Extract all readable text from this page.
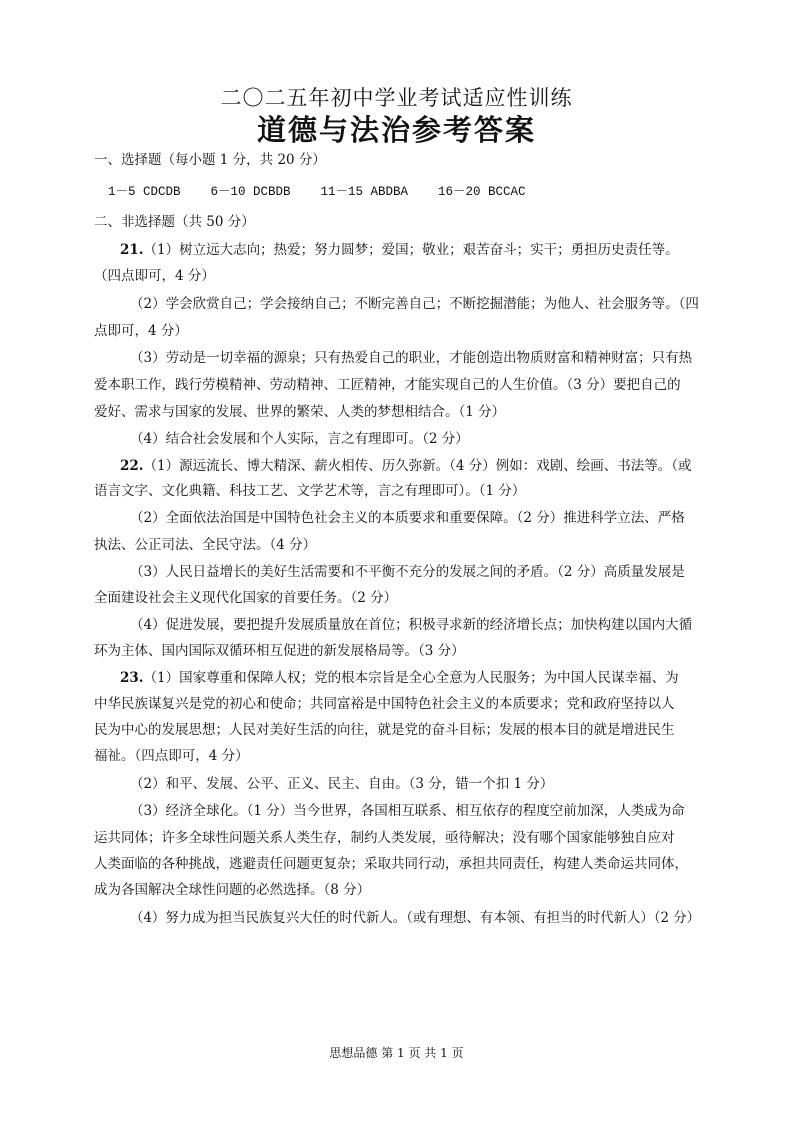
二〇二五年初中学业考试适应性训练
道德与法治参考答案
一、选择题（每小题 1 分，共 20 分）
1－5 CDCDB    6－10 DCBDB    11－15 ABDBA    16－20 BCCAC
二、非选择题（共 50 分）
21.（1）树立远大志向；热爱；努力圆梦；爱国；敬业；艰苦奋斗；实干；勇担历史责任等。
（四点即可，4 分）
（2）学会欣赏自己；学会接纳自己；不断完善自己；不断挖掘潜能；为他人、社会服务等。（四
点即可，4 分）
（3）劳动是一切幸福的源泉；只有热爱自己的职业，才能创造出物质财富和精神财富；只有热
爱本职工作，践行劳模精神、劳动精神、工匠精神，才能实现自己的人生价值。（3 分）要把自己的
爱好、需求与国家的发展、世界的繁荣、人类的梦想相结合。（1 分）
（4）结合社会发展和个人实际，言之有理即可。（2 分）
22.（1）源远流长、博大精深、薪火相传、历久弥新。（4 分）例如：戏剧、绘画、书法等。（或
语言文字、文化典籍、科技工艺、文学艺术等，言之有理即可）。（1 分）
（2）全面依法治国是中国特色社会主义的本质要求和重要保障。（2 分）推进科学立法、严格
执法、公正司法、全民守法。（4 分）
（3）人民日益增长的美好生活需要和不平衡不充分的发展之间的矛盾。（2 分）高质量发展是
全面建设社会主义现代化国家的首要任务。（2 分）
（4）促进发展，要把提升发展质量放在首位；积极寻求新的经济增长点；加快构建以国内大循
环为主体、国内国际双循环相互促进的新发展格局等。（3 分）
23.（1）国家尊重和保障人权；党的根本宗旨是全心全意为人民服务；为中国人民谋幸福、为
中华民族谋复兴是党的初心和使命；共同富裕是中国特色社会主义的本质要求；党和政府坚持以人
民为中心的发展思想；人民对美好生活的向往，就是党的奋斗目标；发展的根本目的就是增进民生
福祉。（四点即可，4 分）
（2）和平、发展、公平、正义、民主、自由。（3 分，错一个扣 1 分）
（3）经济全球化。（1 分）当今世界，各国相互联系、相互依存的程度空前加深，人类成为命
运共同体；许多全球性问题关系人类生存，制约人类发展，亟待解决；没有哪个国家能够独自应对
人类面临的各种挑战，逃避责任问题更复杂；采取共同行动，承担共同责任，构建人类命运共同体，
成为各国解决全球性问题的必然选择。（8 分）
（4）努力成为担当民族复兴大任的时代新人。（或有理想、有本领、有担当的时代新人）（2 分）
思想品德 第 1 页 共 1 页
